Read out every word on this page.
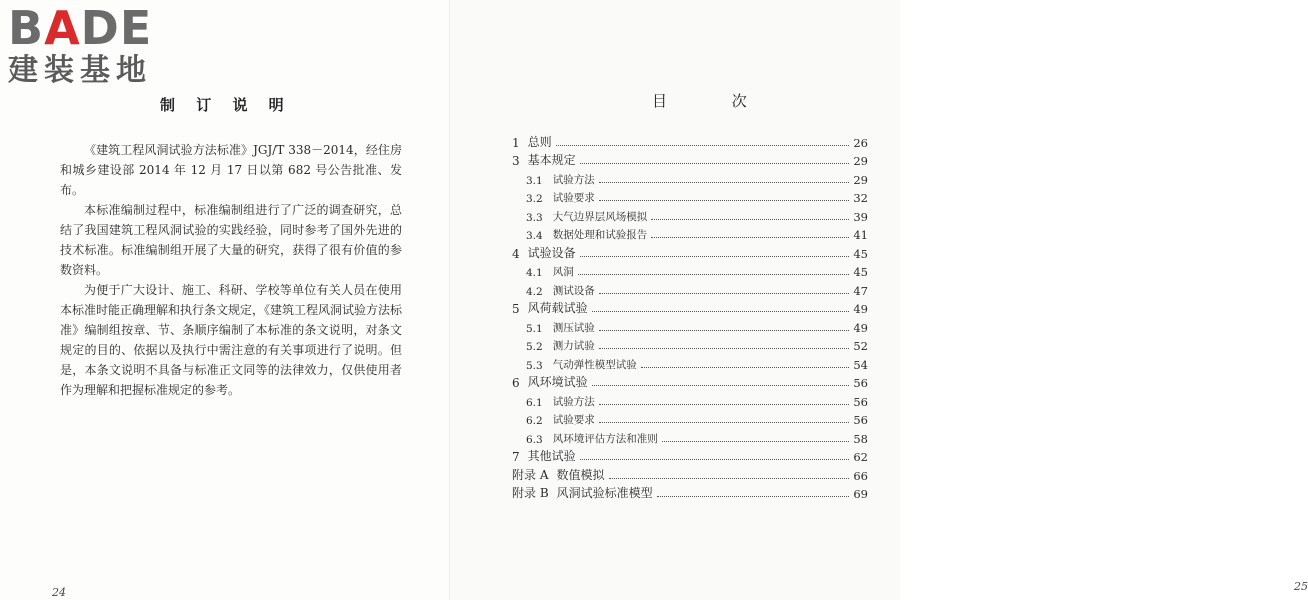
BADE
建装基地
制 订 说 明

《建筑工程风洞试验方法标准》JGJ/T 338－2014，经住房和城乡建设部 2014 年 12 月 17 日以第 682 号公告批准、发布。

本标准编制过程中，标准编制组进行了广泛的调查研究，总结了我国建筑工程风洞试验的实践经验，同时参考了国外先进的技术标准。标准编制组开展了大量的研究，获得了很有价值的参数资料。

为便于广大设计、施工、科研、学校等单位有关人员在使用本标准时能正确理解和执行条文规定，《建筑工程风洞试验方法标准》编制组按章、节、条顺序编制了本标准的条文说明，对条文规定的目的、依据以及执行中需注意的有关事项进行了说明。但是，本条文说明不具备与标准正文同等的法律效力，仅供使用者作为理解和把握标准规定的参考。

24	25
目 次
1 总则	26
3 基本规定	29
3.1 试验方法	29
3.2 试验要求	32
3.3 大气边界层风场模拟	39
3.4 数据处理和试验报告	41
4 试验设备	45
4.1 风洞	45
4.2 测试设备	47
5 风荷载试验	49
5.1 测压试验	49
5.2 测力试验	52
5.3 气动弹性模型试验	54
6 风环境试验	56
6.1 试验方法	56
6.2 试验要求	56
6.3 风环境评估方法和准则	58
7 其他试验	62
附录 A 数值模拟	66
附录 B 风洞试验标准模型	69
